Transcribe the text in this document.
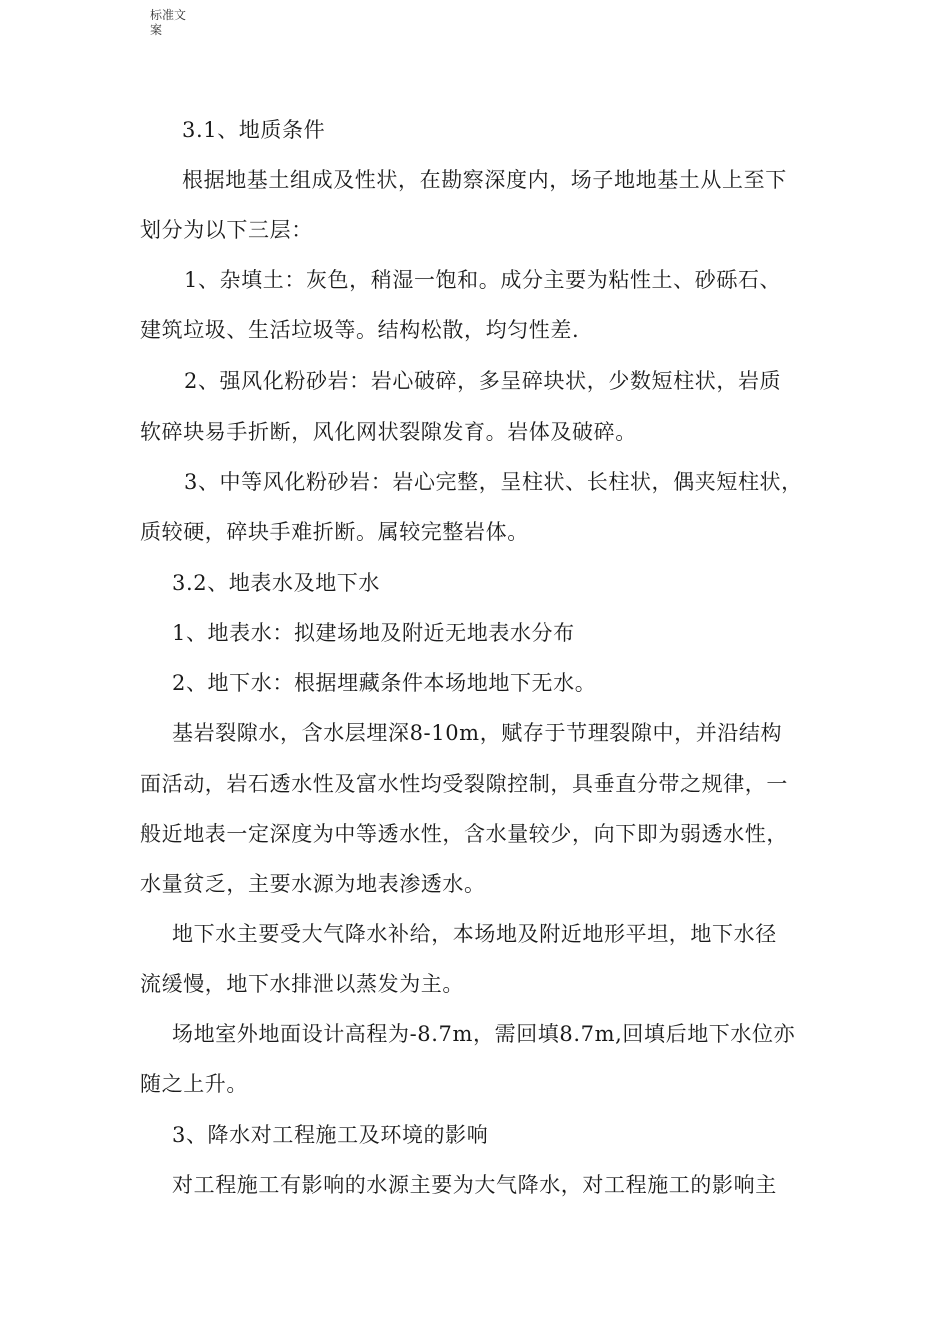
标准文
案
3.1、地质条件
根据地基土组成及性状，在勘察深度内，场子地地基土从上至下
划分为以下三层：
1、杂填土：灰色，稍湿一饱和。成分主要为粘性土、砂砾石、
建筑垃圾、生活垃圾等。结构松散，均匀性差.
2、强风化粉砂岩：岩心破碎，多呈碎块状，少数短柱状，岩质
软碎块易手折断，风化网状裂隙发育。岩体及破碎。
3、中等风化粉砂岩：岩心完整，呈柱状、长柱状，偶夹短柱状，
质较硬，碎块手难折断。属较完整岩体。
3.2、地表水及地下水
1、地表水：拟建场地及附近无地表水分布
2、地下水：根据埋藏条件本场地地下无水。
基岩裂隙水，含水层埋深8-10m，赋存于节理裂隙中，并沿结构
面活动，岩石透水性及富水性均受裂隙控制，具垂直分带之规律，一
般近地表一定深度为中等透水性，含水量较少，向下即为弱透水性，
水量贫乏，主要水源为地表渗透水。
地下水主要受大气降水补给，本场地及附近地形平坦，地下水径
流缓慢，地下水排泄以蒸发为主。
场地室外地面设计高程为-8.7m，需回填8.7m,回填后地下水位亦
随之上升。
3、降水对工程施工及环境的影响
对工程施工有影响的水源主要为大气降水，对工程施工的影响主
